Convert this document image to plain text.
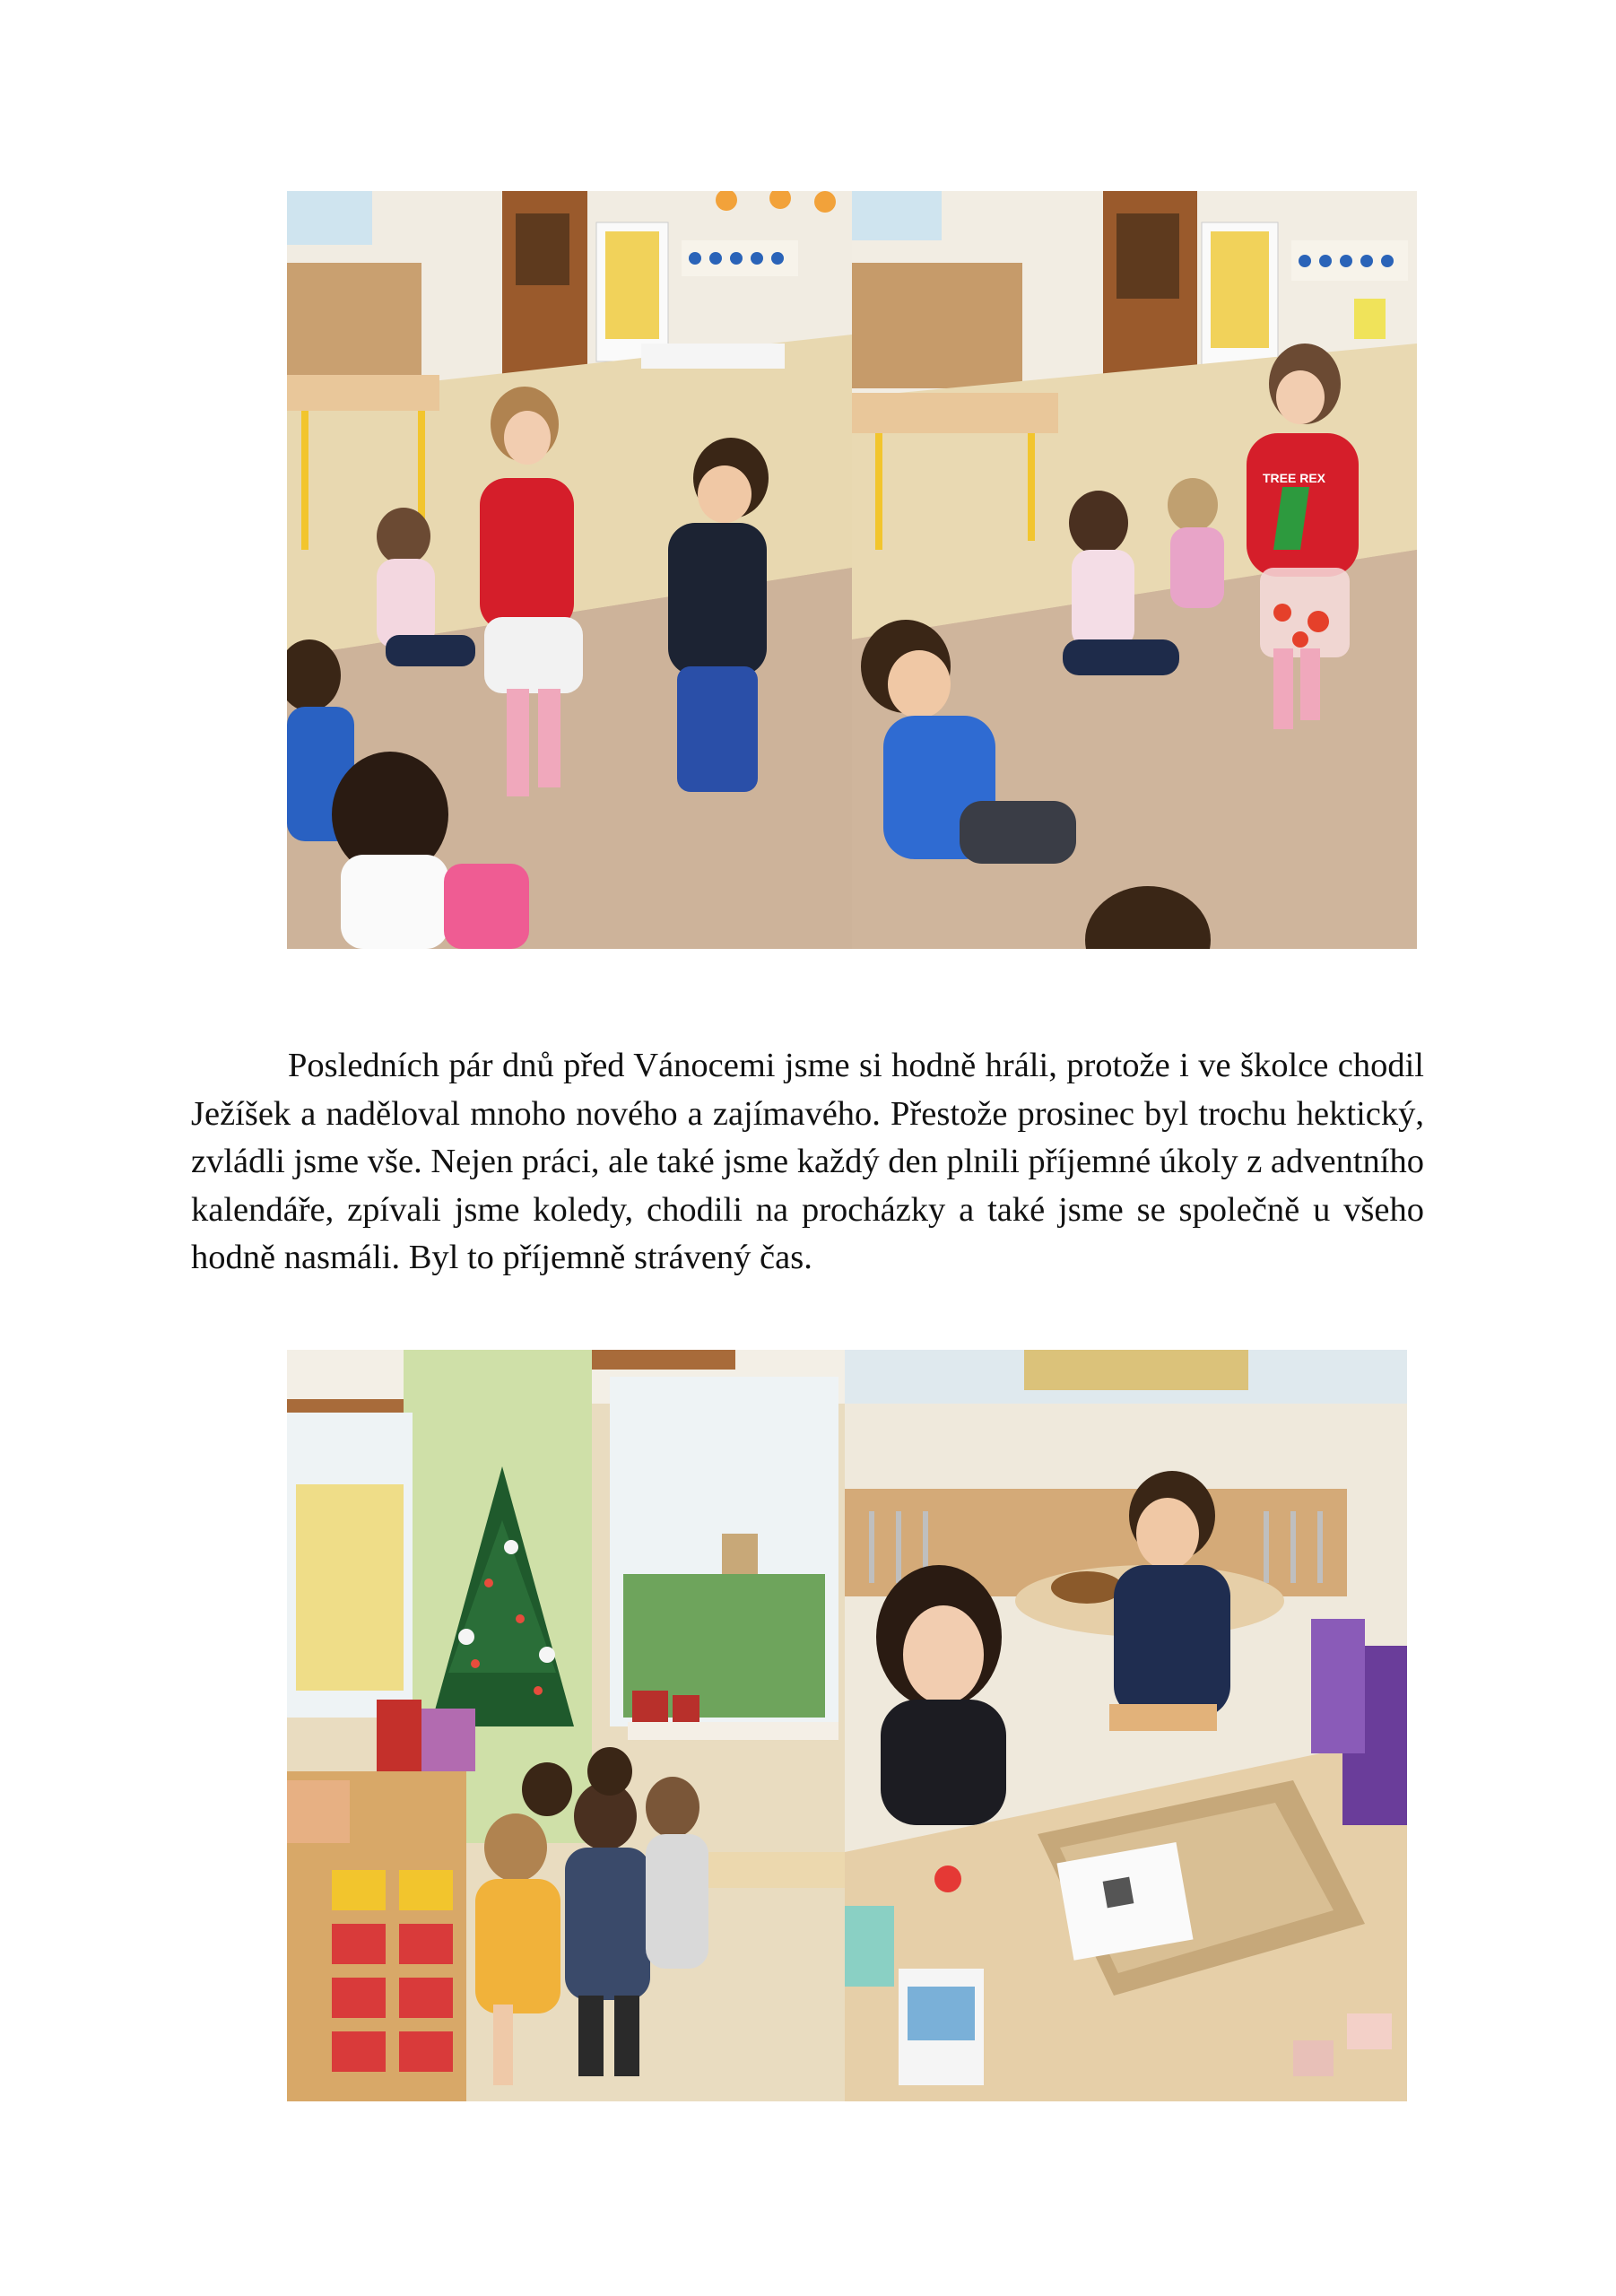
TREE REX

Posledních pár dnů před Vánocemi jsme si hodně hráli, protože i ve školce chodil Ježíšek a naděloval mnoho nového a zajímavého. Přestože prosinec byl trochu hektický, zvládli jsme vše. Nejen práci, ale také jsme každý den plnili příjemné úkoly z adventního kalendáře, zpívali jsme koledy, chodili na procházky a také jsme se společně u všeho hodně nasmáli. Byl to příjemně strávený čas.
